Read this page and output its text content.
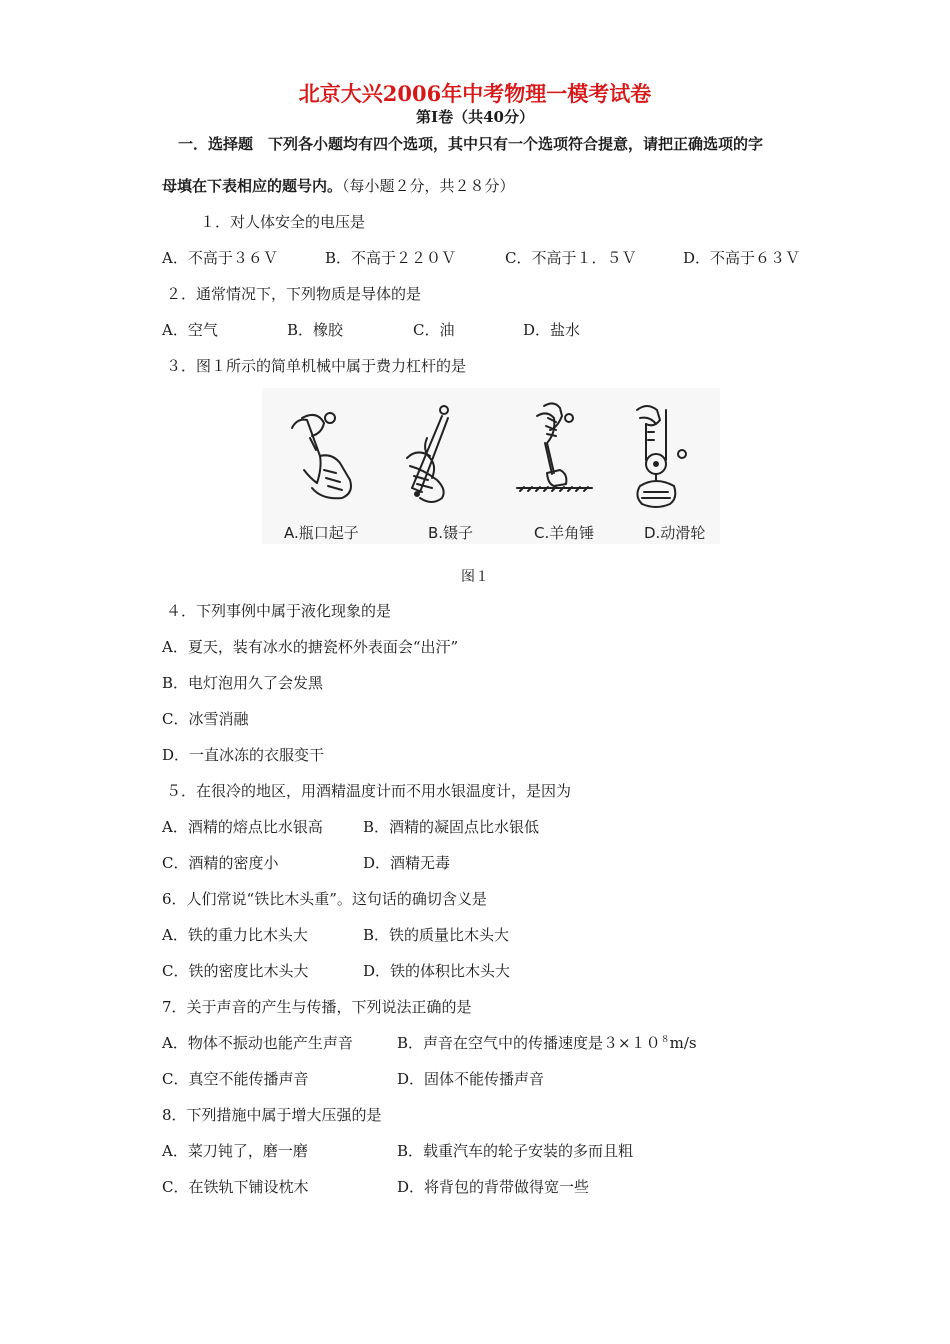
北京大兴2006年中考物理一模考试卷
第Ⅰ卷（共40分）
一．选择题　下列各小题均有四个选项，其中只有一个选项符合提意，请把正确选项的字
母填在下表相应的题号内。（每小题２分，共２８分）
１．对人体安全的电压是
A．不高于３６Ｖ	B．不高于２２０Ｖ	C．不高于１．５Ｖ	D．不高于６３Ｖ
２．通常情况下，下列物质是导体的是
A．空气	B．橡胶	C．油	D．盐水
３．图１所示的简单机械中属于费力杠杆的是
A.瓶口起子	B.镊子	C.羊角锤	D.动滑轮
图１
４．下列事例中属于液化现象的是
A．夏天，装有冰水的搪瓷杯外表面会“出汗”
B．电灯泡用久了会发黑
C．冰雪消融
D．一直冰冻的衣服变干
５．在很冷的地区，用酒精温度计而不用水银温度计，是因为
A．酒精的熔点比水银高	B．酒精的凝固点比水银低
C．酒精的密度小	D．酒精无毒
6．人们常说“铁比木头重”。这句话的确切含义是
A．铁的重力比木头大	B．铁的质量比木头大
C．铁的密度比木头大	D．铁的体积比木头大
7．关于声音的产生与传播，下列说法正确的是
A．物体不振动也能产生声音	B．声音在空气中的传播速度是$3\times 10^8m/s$
C．真空不能传播声音	D．固体不能传播声音
8．下列措施中属于增大压强的是
A．菜刀钝了，磨一磨	B．载重汽车的轮子安装的多而且粗
C．在铁轨下铺设枕木	D．将背包的背带做得宽一些
